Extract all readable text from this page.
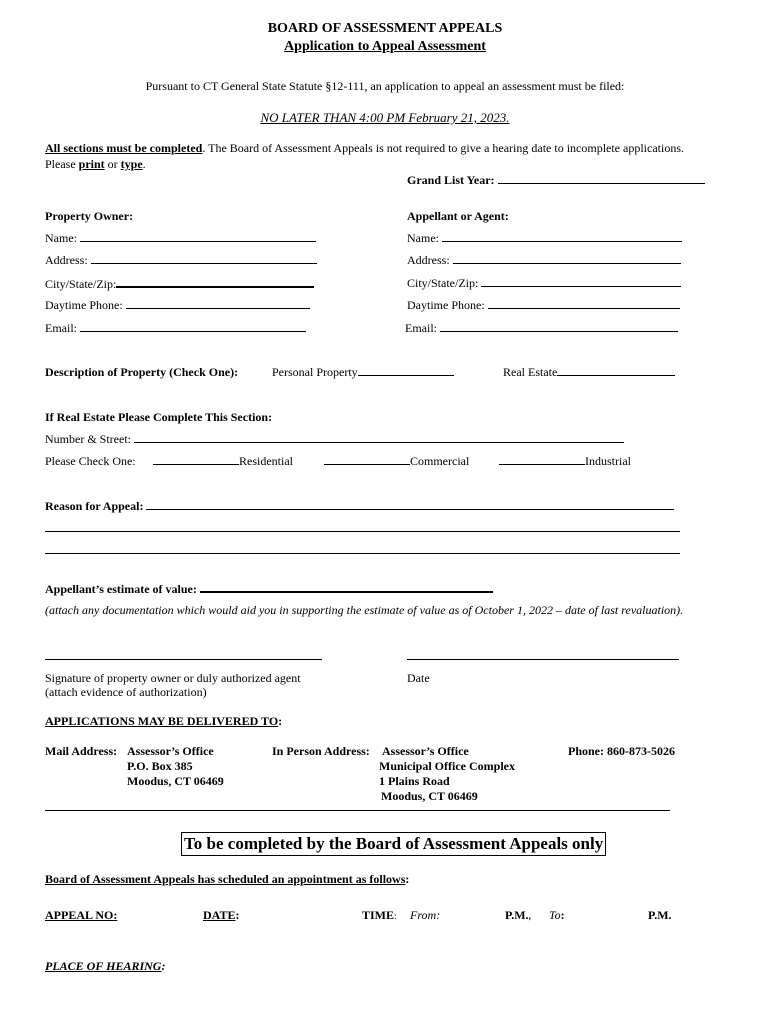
BOARD OF ASSESSMENT APPEALS
Application to Appeal Assessment
Pursuant to CT General State Statute §12-111, an application to appeal an assessment must be filed:
NO LATER THAN 4:00 PM February 21, 2023.
All sections must be completed. The Board of Assessment Appeals is not required to give a hearing date to incomplete applications.
Please print or type.
Grand List Year:
Property Owner:	Appellant or Agent:
Name:
Address:
City/State/Zip:
Daytime Phone:
Email:
Name:
Address:
City/State/Zip:
Daytime Phone:
Email:
Description of Property (Check One):	Personal Property	Real Estate
If Real Estate Please Complete This Section:
Number & Street:
Please Check One:	Residential	Commercial	Industrial
Reason for Appeal:
Appellant’s estimate of value:
(attach any documentation which would aid you in supporting the estimate of value as of October 1, 2022 – date of last revaluation).
Signature of property owner or duly authorized agent
(attach evidence of authorization)
Date
APPLICATIONS MAY BE DELIVERED TO:
Mail Address: Assessor’s Office
P.O. Box 385
Moodus, CT 06469
In Person Address: Assessor’s Office
Municipal Office Complex
1 Plains Road
Moodus, CT 06469
Phone: 860-873-5026
To be completed by the Board of Assessment Appeals only
Board of Assessment Appeals has scheduled an appointment as follows:
APPEAL NO:	DATE:	TIME: From:	P.M., To:	P.M.
PLACE OF HEARING:
